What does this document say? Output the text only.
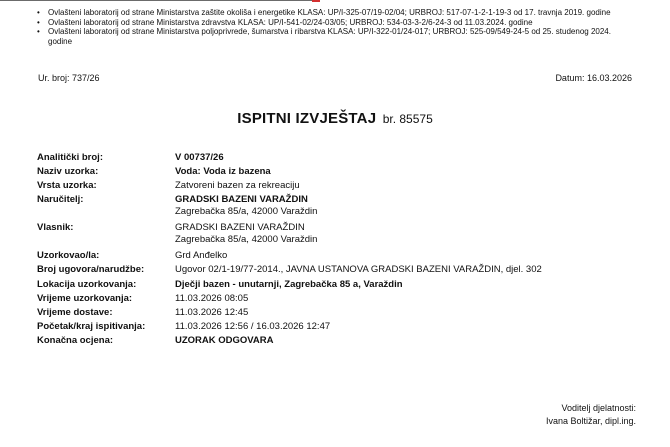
• Ovlašteni laboratorij od strane Ministarstva zaštite okoliša i energetike KLASA: UP/I-325-07/19-02/04; URBROJ: 517-07-1-2-1-19-3 od 17. travnja 2019. godine
• Ovlašteni laboratorij od strane Ministarstva zdravstva KLASA: UP/I-541-02/24-03/05; URBROJ: 534-03-3-2/6-24-3 od 11.03.2024. godine
• Ovlašteni laboratorij od strane Ministarstva poljoprivrede, šumarstva i ribarstva KLASA: UP/I-322-01/24-017; URBROJ: 525-09/549-24-5 od 25. studenog 2024. godine
Ur. broj: 737/26	Datum: 16.03.2026
ISPITNI IZVJEŠTAJ br. 85575
Analitički broj:	V 00737/26
Naziv uzorka:	Voda: Voda iz bazena
Vrsta uzorka:	Zatvoreni bazen za rekreaciju
Naručitelj:	GRADSKI BAZENI VARAŽDIN
Zagrebačka 85/a, 42000 Varaždin
Vlasnik:	GRADSKI BAZENI VARAŽDIN
Zagrebačka 85/a, 42000 Varaždin
Uzorkovao/la:	Grd Anđelko
Broj ugovora/narudžbe:	Ugovor 02/1-19/77-2014., JAVNA USTANOVA GRADSKI BAZENI VARAŽDIN, djel. 302
Lokacija uzorkovanja:	Dječji bazen - unutarnji, Zagrebačka 85 a, Varaždin
Vrijeme uzorkovanja:	11.03.2026 08:05
Vrijeme dostave:	11.03.2026 12:45
Početak/kraj ispitivanja:	11.03.2026 12:56 / 16.03.2026 12:47
Konačna ocjena:	UZORAK ODGOVARA
Voditelj djelatnosti:
Ivana Boltižar, dipl.ing.
